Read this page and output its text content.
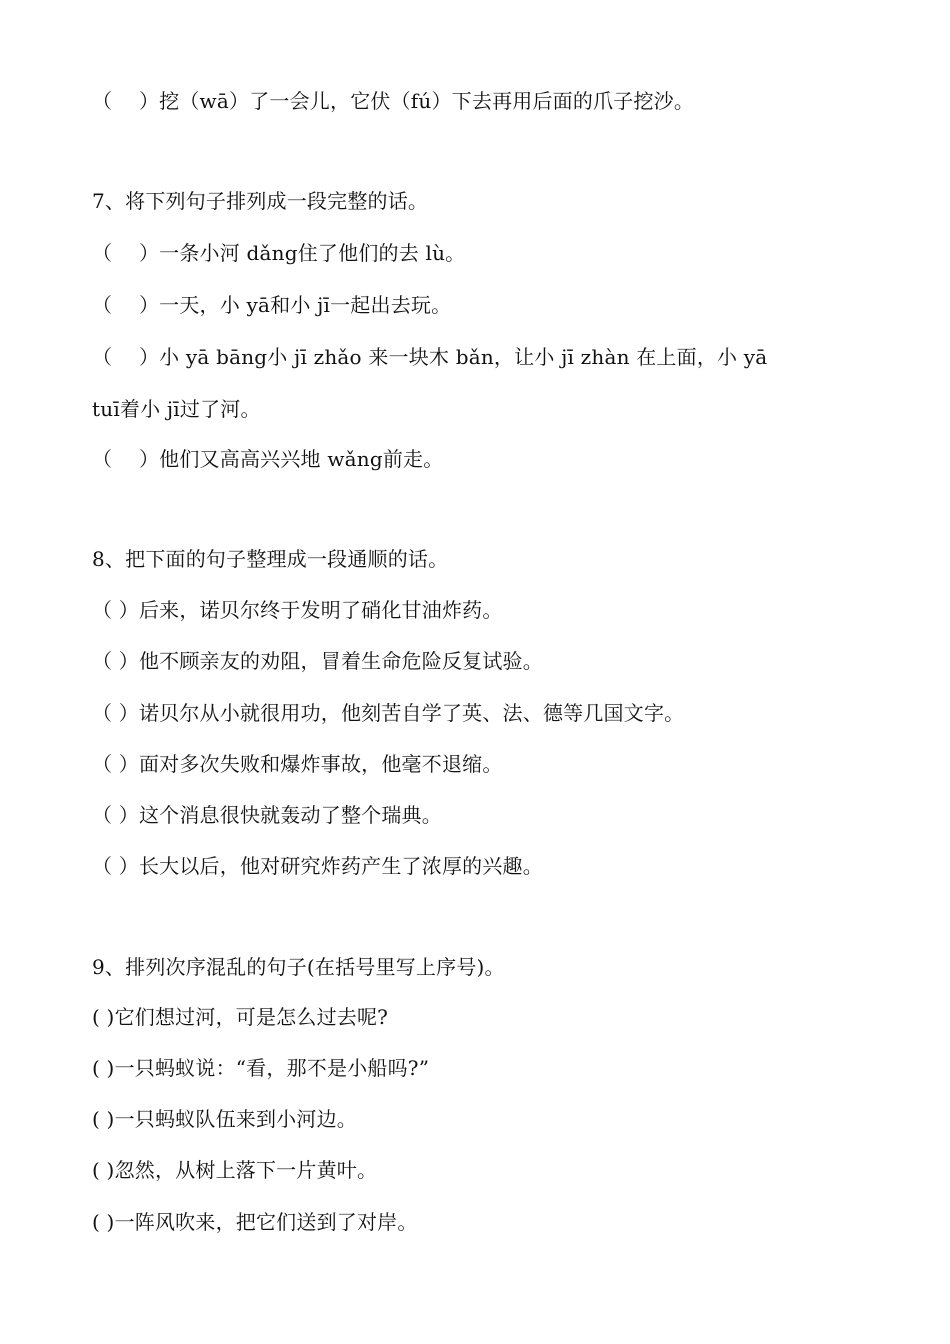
（　 ）挖（wā）了一会儿，它伏（fú）下去再用后面的爪子挖沙。
7、将下列句子排列成一段完整的话。
（　 ）一条小河 dǎng住了他们的去 lù。
（　 ）一天，小 yā和小 jī一起出去玩。
（　 ）小 yā bāng小 jī zhǎo 来一块木 bǎn，让小 jī zhàn 在上面，小 yā
tuī着小 jī过了河。
（　 ）他们又高高兴兴地 wǎng前走。
8、把下面的句子整理成一段通顺的话。
（ ）后来，诺贝尔终于发明了硝化甘油炸药。
（ ）他不顾亲友的劝阻，冒着生命危险反复试验。
（ ）诺贝尔从小就很用功，他刻苦自学了英、法、德等几国文字。
（ ）面对多次失败和爆炸事故，他毫不退缩。
（ ）这个消息很快就轰动了整个瑞典。
（ ）长大以后，他对研究炸药产生了浓厚的兴趣。
9、排列次序混乱的句子(在括号里写上序号)。
( )它们想过河，可是怎么过去呢?
( )一只蚂蚁说：“看，那不是小船吗?”
( )一只蚂蚁队伍来到小河边。
( )忽然，从树上落下一片黄叶。
( )一阵风吹来，把它们送到了对岸。
